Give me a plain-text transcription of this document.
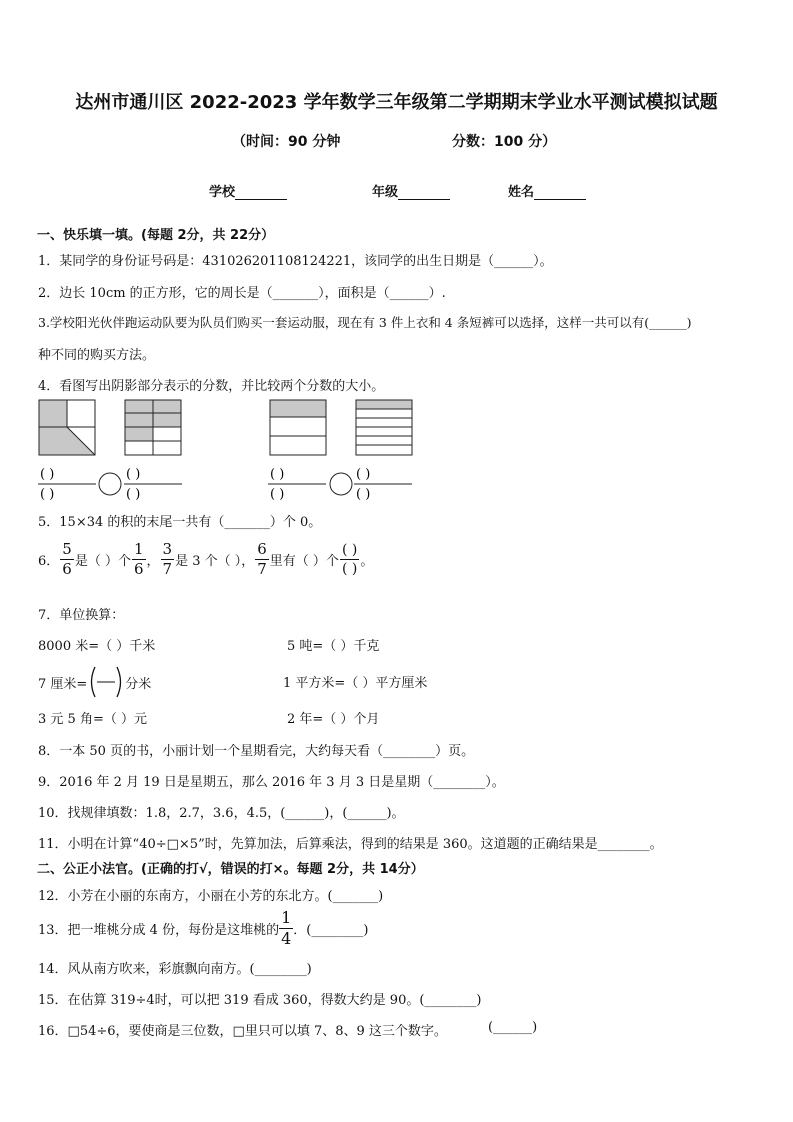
达州市通川区 2022-2023 学年数学三年级第二学期期末学业水平测试模拟试题
（时间：90 分钟	分数：100 分）
学校	年级	姓名
一、快乐填一填。(每题 2分，共 22分）
1．某同学的身份证号码是：431026201108124221，该同学的出生日期是（______）。
2．边长 10cm 的正方形，它的周长是（_______），面积是（______）.
3.学校阳光伙伴跑运动队要为队员们购买一套运动服，现在有 3 件上衣和 4 条短裤可以选择，这样一共可以有(______)
种不同的购买方法。
4．看图写出阴影部分表示的分数，并比较两个分数的大小。
( )
( )
( )
( )
( )
( )
( )
( )
5．15×34 的积的末尾一共有（_______）个 0。
6． $\frac{5}{6}$ 是（ ）个 $\frac{1}{6}$ ， $\frac{3}{7}$ 是 3 个（ ）， $\frac{6}{7}$ 里有（ ）个 $\frac{( )}{( )}$ 。
7．单位换算：
8000 米=（ ）千米	5 吨=（ ）千克
7 厘米=	分米	1 平方米=（ ）平方厘米
3 元 5 角=（ ）元	2 年=（ ）个月
8．一本 50 页的书，小丽计划一个星期看完，大约每天看（________）页。
9．2016 年 2 月 19 日是星期五，那么 2016 年 3 月 3 日是星期（________）。
10．找规律填数：1.8，2.7，3.6，4.5，(______)，(______)。
11．小明在计算“40÷□×5”时，先算加法，后算乘法，得到的结果是 360。这道题的正确结果是________。
二、公正小法官。(正确的打√，错误的打×。每题 2分，共 14分）
12．小芳在小丽的东南方，小丽在小芳的东北方。(_______)
13．把一堆桃分成 4 份，每份是这堆桃的 $\frac{1}{4}$ ．(________)
14．风从南方吹来，彩旗飘向南方。(________)
15．在估算 319÷4时，可以把 319 看成 360，得数大约是 90。(________)
16．□54÷6，要使商是三位数，□里只可以填 7、8、9 这三个数字。	(______)
